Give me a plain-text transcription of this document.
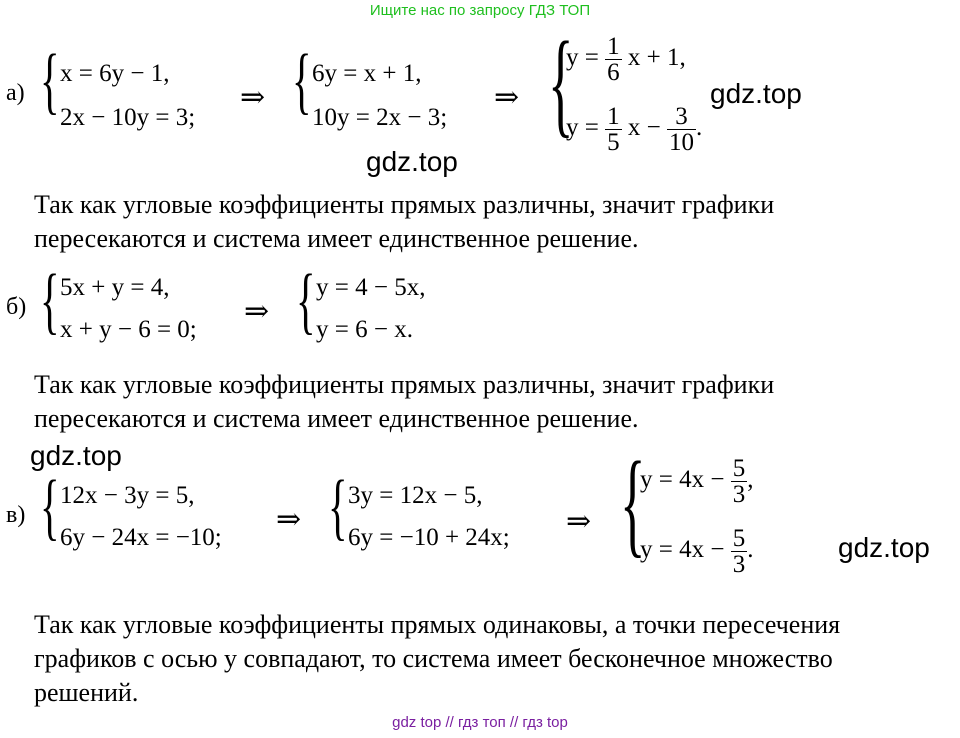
Ищите нас по запросу ГДЗ ТОП
а) { x = 6y − 1,
2x − 10y = 3;
⇒ { 6y = x + 1,
10y = 2x − 3;
⇒ {
$y = \frac{1}{6}$ x + 1,
$y = \frac{1}{5}$ $x - \frac{3}{10}$ .
gdz.top
gdz.top
Так как угловые коэффициенты прямых различны, значит графики
пересекаются и система имеет единственное решение.
б) { 5x + y = 4,
x + y − 6 = 0;
⇒ { y = 4 − 5x,
y = 6 − x.
Так как угловые коэффициенты прямых различны, значит графики
пересекаются и система имеет единственное решение.
gdz.top
в) { 12x − 3y = 5,
6y − 24x = −10;
⇒ { 3y = 12x − 5,
6y = −10 + 24x; ⇒ {
$y = 4x - \frac{5}{3}$ ,
$y = 4x - \frac{5}{3}$ .	gdz.top
Так как угловые коэффициенты прямых одинаковы, а точки пересечения
графиков с осью y совпадают, то система имеет бесконечное множество
решений.
gdz top // гдз топ // гдз top
